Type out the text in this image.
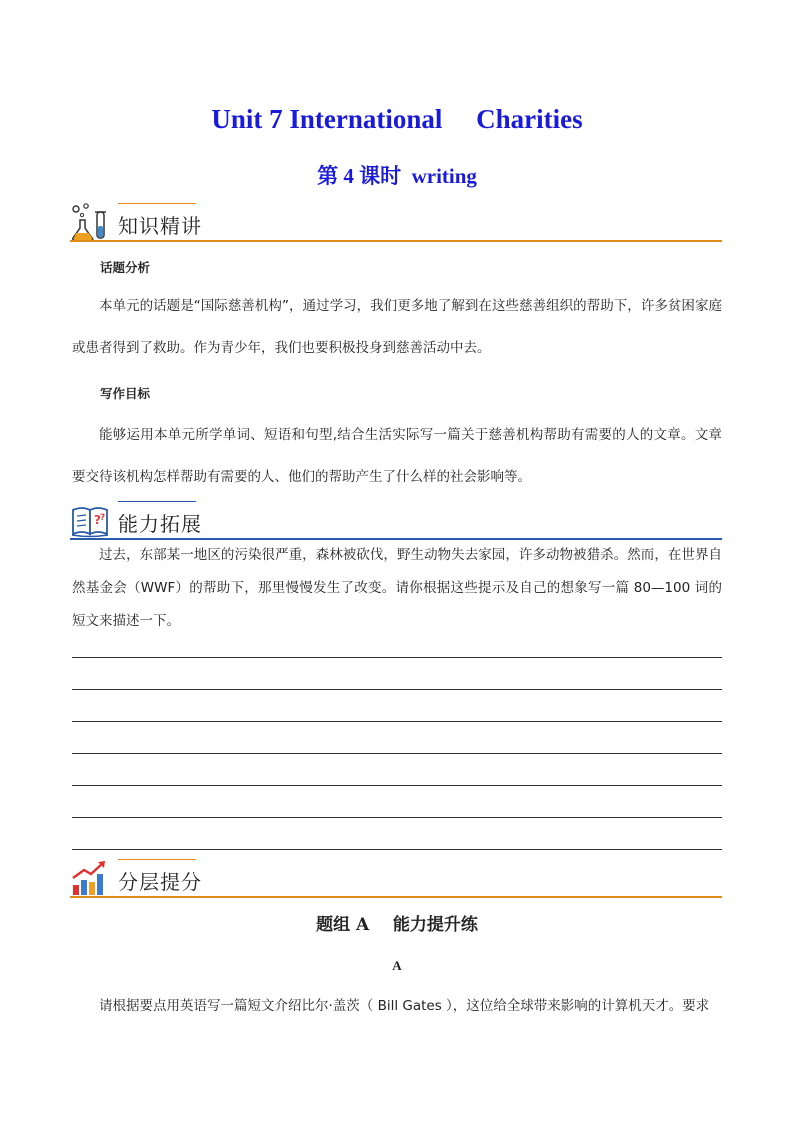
Unit 7 International     Charities
第 4 课时  writing
知识精讲
话题分析
本单元的话题是“国际慈善机构”，通过学习，我们更多地了解到在这些慈善组织的帮助下，许多贫困家庭或患者得到了救助。作为青少年，我们也要积极投身到慈善活动中去。
写作目标
能够运用本单元所学单词、短语和句型,结合生活实际写一篇关于慈善机构帮助有需要的人的文章。文章要交待该机构怎样帮助有需要的人、他们的帮助产生了什么样的社会影响等。
? ? 能力拓展
过去，东部某一地区的污染很严重，森林被砍伐，野生动物失去家园，许多动物被猎杀。然而，在世界自然基金会（WWF）的帮助下，那里慢慢发生了改变。请你根据这些提示及自己的想象写一篇 80—100 词的短文来描述一下。
分层提分
题组 A    能力提升练
A
请根据要点用英语写一篇短文介绍比尔·盖茨（ Bill Gates ），这位给全球带来影响的计算机天才。要求
